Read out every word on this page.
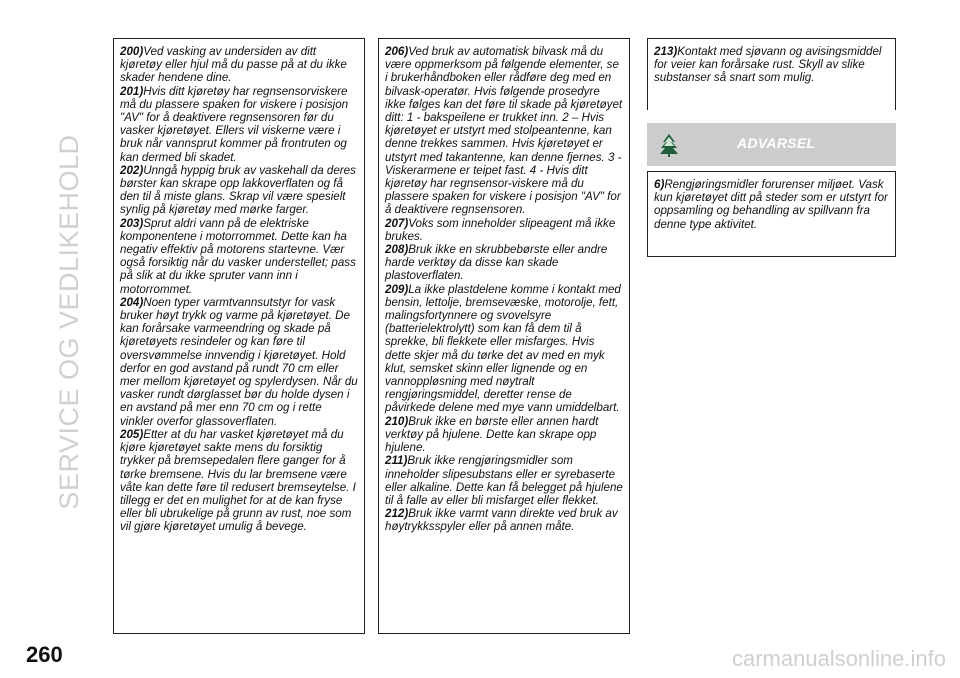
SERVICE OG VEDLIKEHOLD

200)Ved vasking av undersiden av ditt kjøretøy eller hjul må du passe på at du ikke skader hendene dine.

201)Hvis ditt kjøretøy har regnsensorviskere må du plassere spaken for viskere i posisjon "AV" for å deaktivere regnsensoren før du vasker kjøretøyet. Ellers vil viskerne være i bruk når vannsprut kommer på frontruten og kan dermed bli skadet.

202)Unngå hyppig bruk av vaskehall da deres børster kan skrape opp lakkoverflaten og få den til å miste glans. Skrap vil være spesielt synlig på kjøretøy med mørke farger.

203)Sprut aldri vann på de elektriske komponentene i motorrommet. Dette kan ha negativ effektiv på motorens startevne. Vær også forsiktig når du vasker understellet; pass på slik at du ikke spruter vann inn i motorrommet.

204)Noen typer varmtvannsutstyr for vask bruker høyt trykk og varme på kjøretøyet. De kan forårsake varmeendring og skade på kjøretøyets resindeler og kan føre til oversvømmelse innvendig i kjøretøyet. Hold derfor en god avstand på rundt 70 cm eller mer mellom kjøretøyet og spylerdysen. Når du vasker rundt dørglasset bør du holde dysen i en avstand på mer enn 70 cm og i rette vinkler overfor glassoverflaten.

205)Etter at du har vasket kjøretøyet må du kjøre kjøretøyet sakte mens du forsiktig trykker på bremsepedalen flere ganger for å tørke bremsene. Hvis du lar bremsene være våte kan dette føre til redusert bremseytelse. I tillegg er det en mulighet for at de kan fryse eller bli ubrukelige på grunn av rust, noe som vil gjøre kjøretøyet umulig å bevege.

206)Ved bruk av automatisk bilvask må du være oppmerksom på følgende elementer, se i brukerhåndboken eller rådføre deg med en bilvask-operatør. Hvis følgende prosedyre ikke følges kan det føre til skade på kjøretøyet ditt: 1 - bakspeilene er trukket inn. 2 – Hvis kjøretøyet er utstyrt med stolpeantenne, kan denne trekkes sammen. Hvis kjøretøyet er utstyrt med takantenne, kan denne fjernes. 3 - Viskerarmene er teipet fast. 4 - Hvis ditt kjøretøy har regnsensor-viskere må du plassere spaken for viskere i posisjon "AV" for å deaktivere regnsensoren.

207)Voks som inneholder slipeagent må ikke brukes.

208)Bruk ikke en skrubbebørste eller andre harde verktøy da disse kan skade plastoverflaten.

209)La ikke plastdelene komme i kontakt med bensin, lettolje, bremsevæske, motorolje, fett, malingsfortynnere og svovelsyre (batterielektrolytt) som kan få dem til å sprekke, bli flekkete eller misfarges. Hvis dette skjer må du tørke det av med en myk klut, semsket skinn eller lignende og en vannoppløsning med nøytralt rengjøringsmiddel, deretter rense de påvirkede delene med mye vann umiddelbart.

210)Bruk ikke en børste eller annen hardt verktøy på hjulene. Dette kan skrape opp hjulene.

211)Bruk ikke rengjøringsmidler som inneholder slipesubstans eller er syrebaserte eller alkaline. Dette kan få belegget på hjulene til å falle av eller bli misfarget eller flekket.

212)Bruk ikke varmt vann direkte ved bruk av høytrykksspyler eller på annen måte.

213)Kontakt med sjøvann og avisingsmiddel for veier kan forårsake rust. Skyll av slike substanser så snart som mulig.

ADVARSEL

6)Rengjøringsmidler forurenser miljøet. Vask kun kjøretøyet ditt på steder som er utstyrt for oppsamling og behandling av spillvann fra denne type aktivitet.

260	carmanualsonline.info
